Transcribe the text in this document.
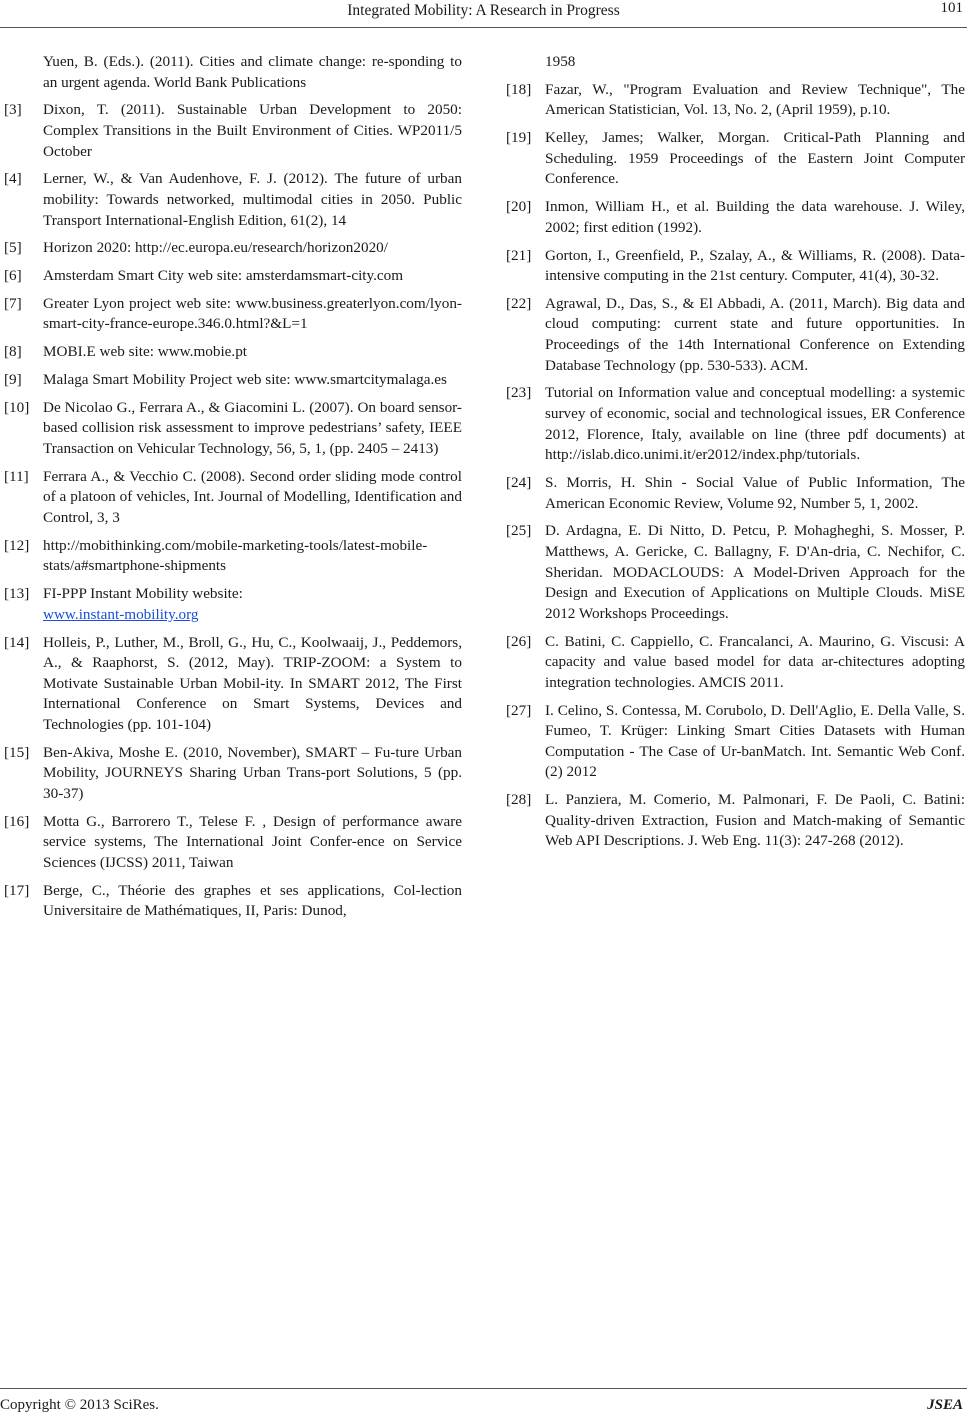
Integrated Mobility: A Research in Progress	101
Yuen, B. (Eds.). (2011). Cities and climate change: re-sponding to an urgent agenda. World Bank Publications
[3]	Dixon, T. (2011). Sustainable Urban Development to 2050: Complex Transitions in the Built Environment of Cities. WP2011/5 October
[4]	Lerner, W., & Van Audenhove, F. J. (2012). The future of urban mobility: Towards networked, multimodal cities in 2050. Public Transport International-English Edition, 61(2), 14
[5]	Horizon 2020: http://ec.europa.eu/research/horizon2020/
[6]	Amsterdam Smart City web site: amsterdamsmart-city.com
[7]	Greater Lyon project web site: www.business.greaterlyon.com/lyon-smart-city-france-europe.346.0.html?&L=1
[8]	MOBI.E web site: www.mobie.pt
[9]	Malaga Smart Mobility Project web site: www.smartcitymalaga.es
[10] De Nicolao G., Ferrara A., & Giacomini L. (2007). On board sensor-based collision risk assessment to improve pedestrians’ safety, IEEE Transaction on Vehicular Technology, 56, 5, 1, (pp. 2405 – 2413)
[11] Ferrara A., & Vecchio C. (2008). Second order sliding mode control of a platoon of vehicles, Int. Journal of Modelling, Identification and Control, 3, 3
[12] http://mobithinking.com/mobile-marketing-tools/latest-mobile-stats/a#smartphone-shipments
[13] FI-PPP Instant Mobility website:
www.instant-mobility.org
[14] Holleis, P., Luther, M., Broll, G., Hu, C., Koolwaaij, J., Peddemors, A., & Raaphorst, S. (2012, May). TRIP-ZOOM: a System to Motivate Sustainable Urban Mobil-ity. In SMART 2012, The First International Conference on Smart Systems, Devices and Technologies (pp. 101-104)
[15] Ben-Akiva, Moshe E. (2010, November), SMART – Fu-ture Urban Mobility, JOURNEYS Sharing Urban Trans-port Solutions, 5 (pp. 30-37)
[16] Motta G., Barrorero T., Telese F. , Design of performance aware service systems, The International Joint Confer-ence on Service Sciences (IJCSS) 2011, Taiwan
[17] Berge, C., Théorie des graphes et ses applications, Col-lection Universitaire de Mathématiques, II, Paris: Dunod,
1958
[18] Fazar, W., "Program Evaluation and Review Technique", The American Statistician, Vol. 13, No. 2, (April 1959), p.10.
[19] Kelley, James; Walker, Morgan. Critical-Path Planning and Scheduling. 1959 Proceedings of the Eastern Joint Computer Conference.
[20] Inmon, William H., et al. Building the data warehouse. J. Wiley, 2002; first edition (1992).
[21] Gorton, I., Greenfield, P., Szalay, A., & Williams, R. (2008). Data-intensive computing in the 21st century. Computer, 41(4), 30-32.
[22] Agrawal, D., Das, S., & El Abbadi, A. (2011, March). Big data and cloud computing: current state and future opportunities. In Proceedings of the 14th International Conference on Extending Database Technology (pp. 530-533). ACM.
[23] Tutorial on Information value and conceptual modelling: a systemic survey of economic, social and technological issues, ER Conference 2012, Florence, Italy, available on line (three pdf documents) at http://islab.dico.unimi.it/er2012/index.php/tutorials.
[24] S. Morris, H. Shin - Social Value of Public Information, The American Economic Review, Volume 92, Number 5, 1, 2002.
[25] D. Ardagna, E. Di Nitto, D. Petcu, P. Mohagheghi, S. Mosser, P. Matthews, A. Gericke, C. Ballagny, F. D'An-dria, C. Nechifor, C. Sheridan. MODACLOUDS: A Model-Driven Approach for the Design and Execution of Applications on Multiple Clouds. MiSE 2012 Workshops Proceedings.
[26] C. Batini, C. Cappiello, C. Francalanci, A. Maurino, G. Viscusi: A capacity and value based model for data ar-chitectures adopting integration technologies. AMCIS 2011.
[27] I. Celino, S. Contessa, M. Corubolo, D. Dell'Aglio, E. Della Valle, S. Fumeo, T. Krüger: Linking Smart Cities Datasets with Human Computation - The Case of Ur-banMatch. Int. Semantic Web Conf. (2) 2012
[28] L. Panziera, M. Comerio, M. Palmonari, F. De Paoli, C. Batini: Quality-driven Extraction, Fusion and Match-making of Semantic Web API Descriptions. J. Web Eng. 11(3): 247-268 (2012).
Copyright © 2013 SciRes.	JSEA
